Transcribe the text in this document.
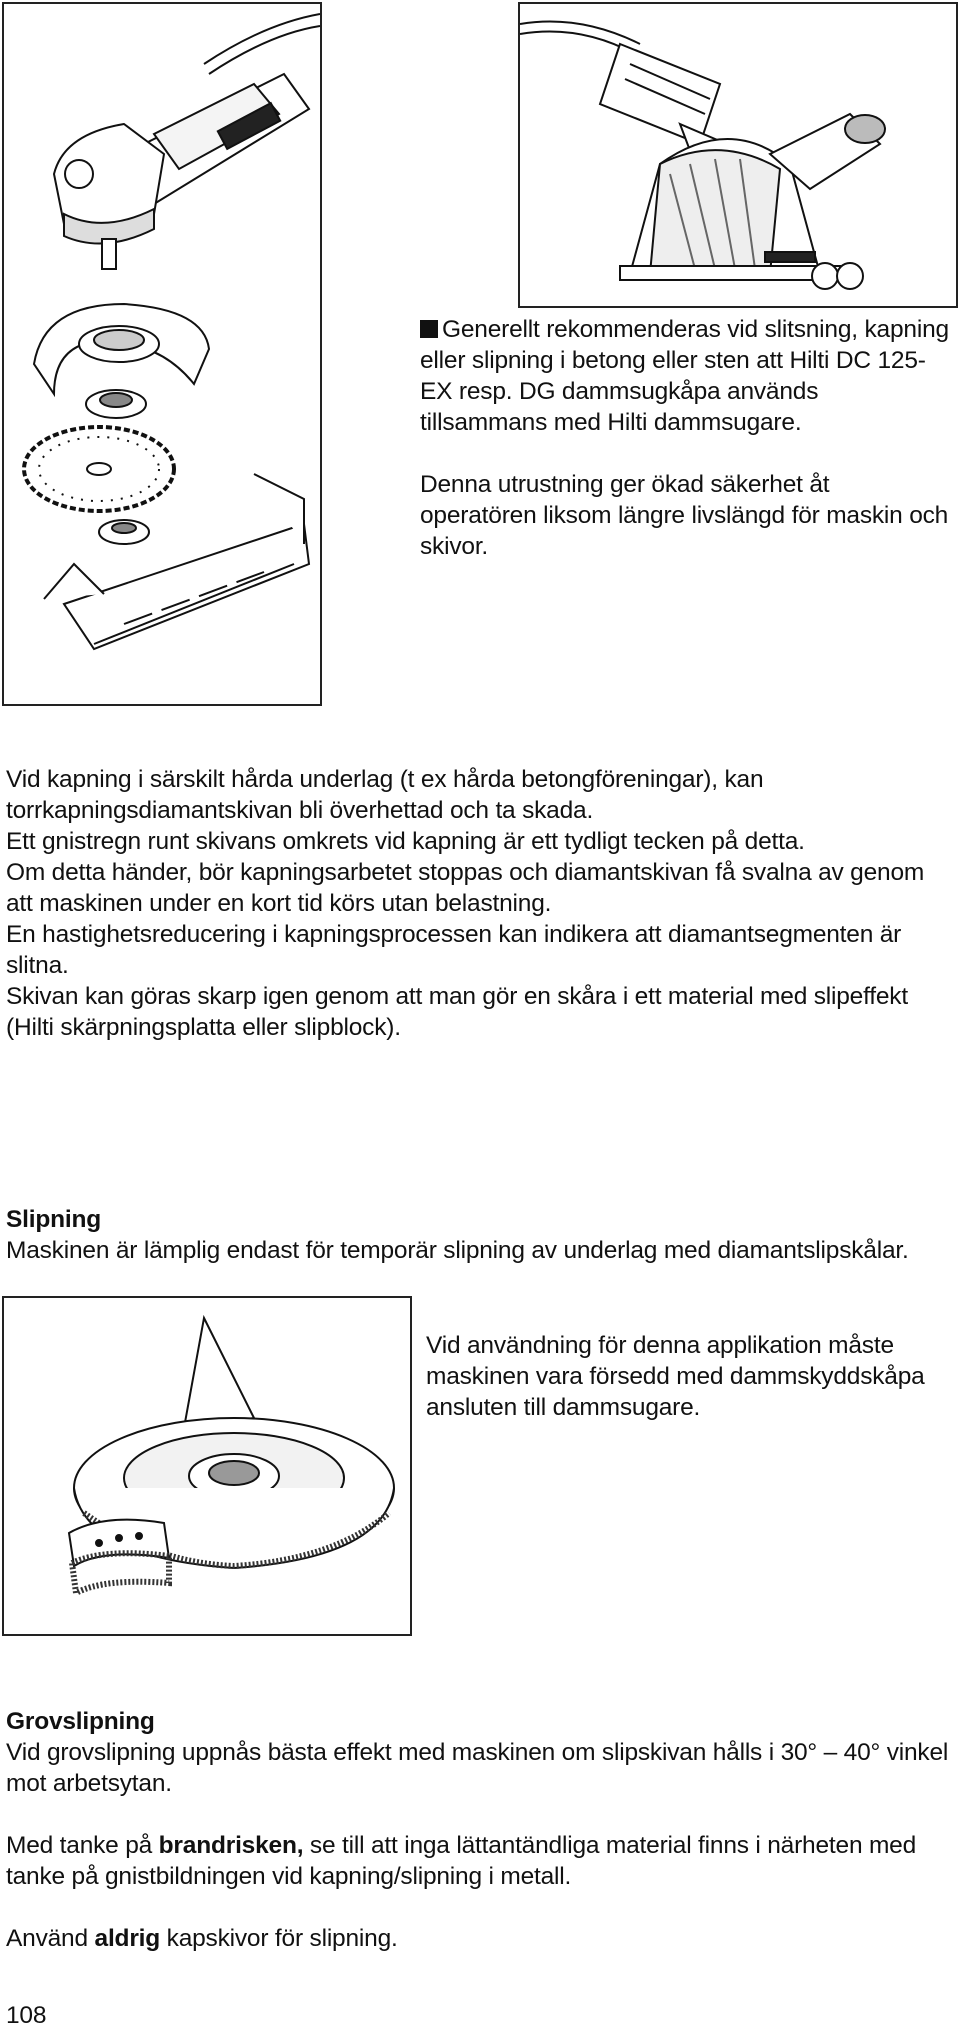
Generellt rekommenderas vid slitsning, kapning eller slipning i betong eller sten att Hilti DC 125-EX resp. DG dammsugkåpa används tillsammans med Hilti dammsugare.

Denna utrustning ger ökad säkerhet åt operatören liksom längre livslängd för maskin och skivor.

Vid kapning i särskilt hårda underlag (t ex hårda betongföreningar), kan torrkapningsdiamantskivan bli överhettad och ta skada.

Ett gnistregn runt skivans omkrets vid kapning är ett tydligt tecken på detta.

Om detta händer, bör kapningsarbetet stoppas och diamantskivan få svalna av genom att maskinen under en kort tid körs utan belastning.

En hastighetsreducering i kapningsprocessen kan indikera att diamantsegmenten är slitna.

Skivan kan göras skarp igen genom att man gör en skåra i ett material med slipeffekt (Hilti skärpningsplatta eller slipblock).

Slipning

Maskinen är lämplig endast för temporär slipning av underlag med diamantslipskålar.

Vid användning för denna applikation måste maskinen vara försedd med dammskyddskåpa ansluten till dammsugare.

Grovslipning

Vid grovslipning uppnås bästa effekt med maskinen om slipskivan hålls i 30° – 40° vinkel mot arbetsytan.

Med tanke på brandrisken, se till att inga lättantändliga material finns i närheten med tanke på gnistbildningen vid kapning/slipning i metall.

Använd aldrig kapskivor för slipning.

108
